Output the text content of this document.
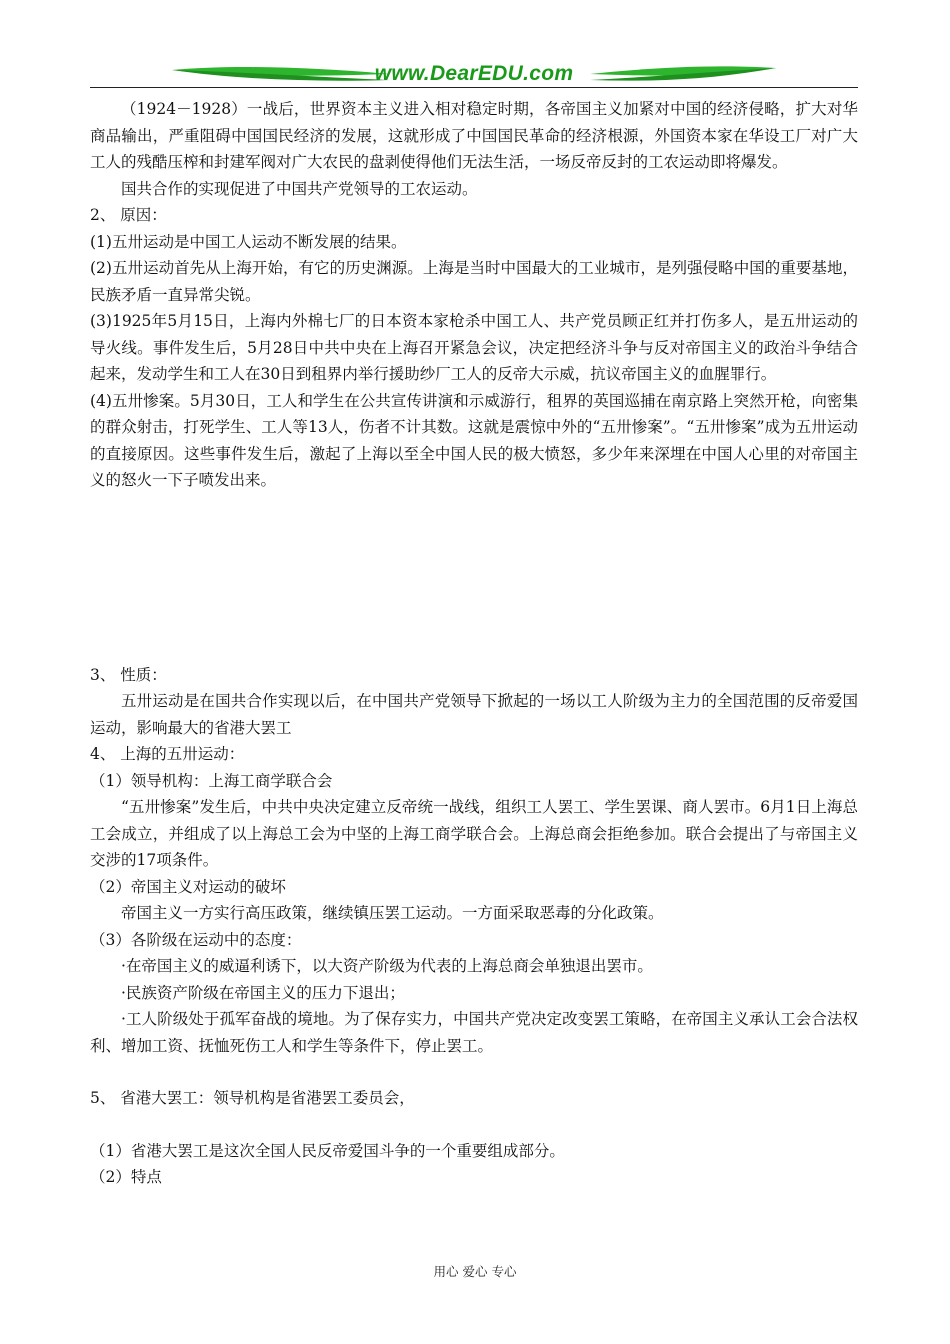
www.DearEDU.com

（1924－1928）一战后，世界资本主义进入相对稳定时期，各帝国主义加紧对中国的经济侵略，扩大对华商品输出，严重阻碍中国国民经济的发展，这就形成了中国国民革命的经济根源，外国资本家在华设工厂对广大工人的残酷压榨和封建军阀对广大农民的盘剥使得他们无法生活，一场反帝反封的工农运动即将爆发。

国共合作的实现促进了中国共产党领导的工农运动。

2、 原因：

(1)五卅运动是中国工人运动不断发展的结果。

(2)五卅运动首先从上海开始，有它的历史渊源。上海是当时中国最大的工业城市，是列强侵略中国的重要基地，民族矛盾一直异常尖锐。

(3)1925年5月15日，上海内外棉七厂的日本资本家枪杀中国工人、共产党员顾正红并打伤多人，是五卅运动的导火线。事件发生后，5月28日中共中央在上海召开紧急会议，决定把经济斗争与反对帝国主义的政治斗争结合起来，发动学生和工人在30日到租界内举行援助纱厂工人的反帝大示威，抗议帝国主义的血腥罪行。

(4)五卅惨案。5月30日，工人和学生在公共宣传讲演和示威游行，租界的英国巡捕在南京路上突然开枪，向密集的群众射击，打死学生、工人等13人，伤者不计其数。这就是震惊中外的“五卅惨案”。“五卅惨案”成为五卅运动的直接原因。这些事件发生后，激起了上海以至全中国人民的极大愤怒，多少年来深埋在中国人心里的对帝国主义的怒火一下子喷发出来。

3、 性质：

五卅运动是在国共合作实现以后，在中国共产党领导下掀起的一场以工人阶级为主力的全国范围的反帝爱国运动，影响最大的省港大罢工

4、 上海的五卅运动：

（1）领导机构：上海工商学联合会

“五卅惨案”发生后，中共中央决定建立反帝统一战线，组织工人罢工、学生罢课、商人罢市。6月1日上海总工会成立，并组成了以上海总工会为中坚的上海工商学联合会。上海总商会拒绝参加。联合会提出了与帝国主义交涉的17项条件。

（2）帝国主义对运动的破坏

帝国主义一方实行高压政策，继续镇压罢工运动。一方面采取恶毒的分化政策。

（3）各阶级在运动中的态度：

·在帝国主义的威逼利诱下，以大资产阶级为代表的上海总商会单独退出罢市。

·民族资产阶级在帝国主义的压力下退出；

·工人阶级处于孤军奋战的境地。为了保存实力，中国共产党决定改变罢工策略，在帝国主义承认工会合法权利、增加工资、抚恤死伤工人和学生等条件下，停止罢工。

5、 省港大罢工：领导机构是省港罢工委员会，

（1）省港大罢工是这次全国人民反帝爱国斗争的一个重要组成部分。

（2）特点

用心 爱心 专心
